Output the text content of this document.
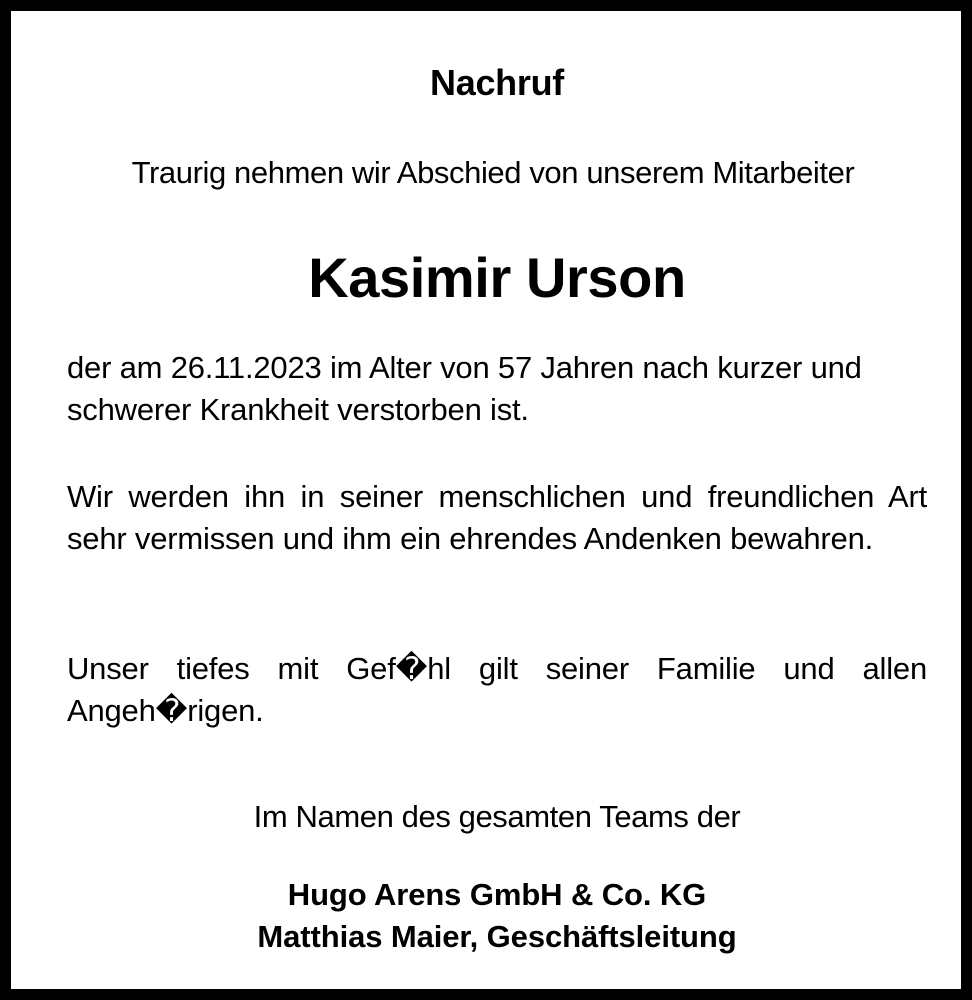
Nachruf
Traurig nehmen wir Abschied von unserem Mitarbeiter
Kasimir Urson

der am 26.11.2023 im Alter von 57 Jahren nach kurzer und schwerer Krankheit verstorben ist.

Wir werden ihn in seiner menschlichen und freundlichen Art sehr vermissen und ihm ein ehrendes Andenken bewahren.

Unser tiefes mit Gef�hl gilt seiner Familie und allen Angeh�rigen.

Im Namen des gesamten Teams der
Hugo Arens GmbH & Co. KG
Matthias Maier, Geschäftsleitung
